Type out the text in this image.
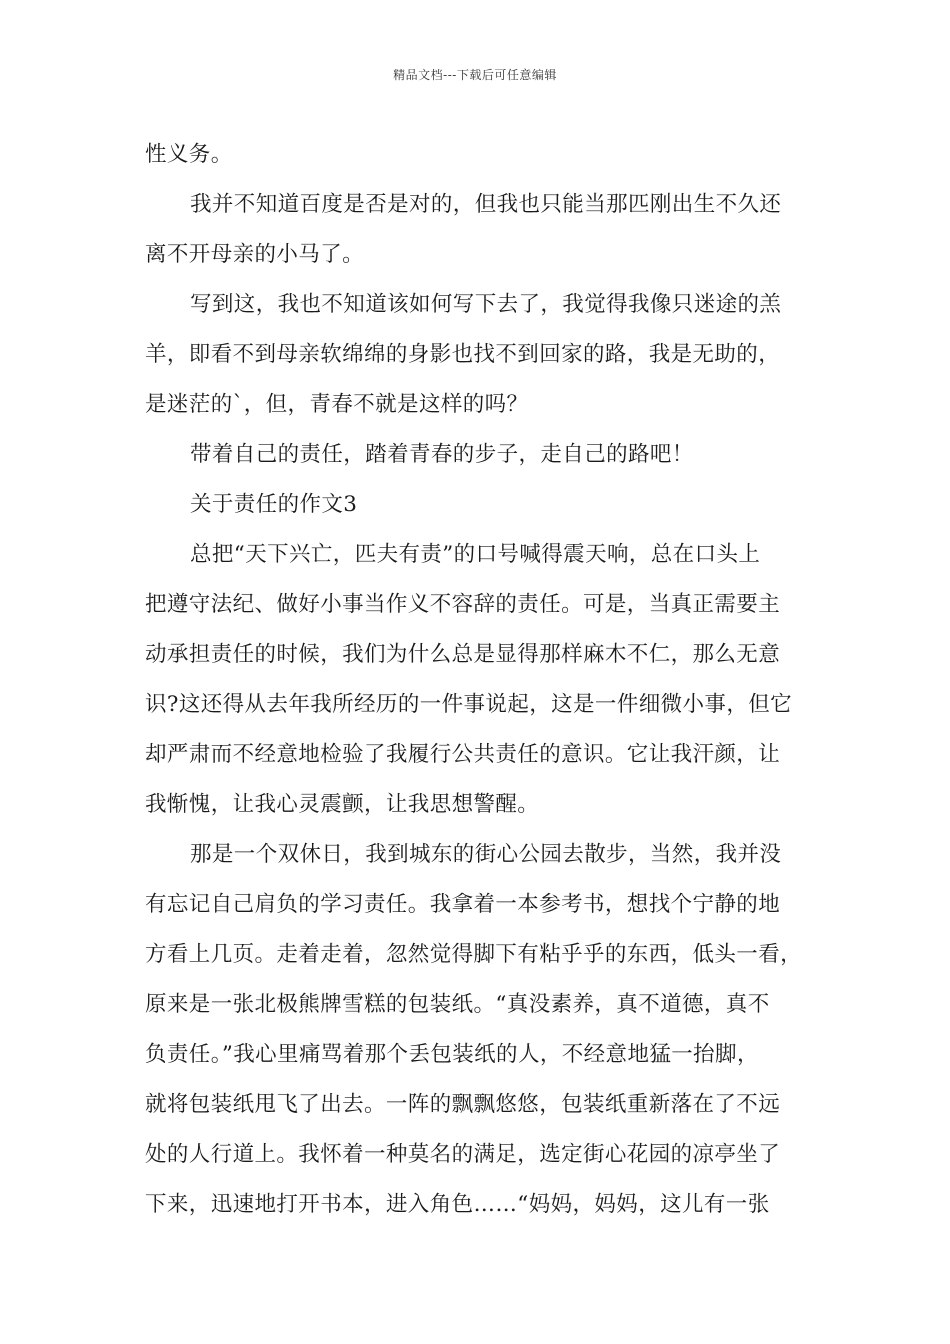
精品文档---下载后可任意编辑
性义务。
我并不知道百度是否是对的，但我也只能当那匹刚出生不久还
离不开母亲的小马了。
写到这，我也不知道该如何写下去了，我觉得我像只迷途的羔
羊，即看不到母亲软绵绵的身影也找不到回家的路，我是无助的，
是迷茫的`，但，青春不就是这样的吗？
带着自己的责任，踏着青春的步子，走自己的路吧！
关于责任的作文3
总把“天下兴亡，匹夫有责”的口号喊得震天响，总在口头上
把遵守法纪、做好小事当作义不容辞的责任。可是，当真正需要主
动承担责任的时候，我们为什么总是显得那样麻木不仁，那么无意
识?这还得从去年我所经历的一件事说起，这是一件细微小事，但它
却严肃而不经意地检验了我履行公共责任的意识。它让我汗颜，让
我惭愧，让我心灵震颤，让我思想警醒。
那是一个双休日，我到城东的街心公园去散步，当然，我并没
有忘记自己肩负的学习责任。我拿着一本参考书，想找个宁静的地
方看上几页。走着走着，忽然觉得脚下有粘乎乎的东西，低头一看，
原来是一张北极熊牌雪糕的包装纸。“真没素养，真不道德，真不
负责任。”我心里痛骂着那个丢包装纸的人，不经意地猛一抬脚，
就将包装纸甩飞了出去。一阵的飘飘悠悠，包装纸重新落在了不远
处的人行道上。我怀着一种莫名的满足，选定街心花园的凉亭坐了
下来，迅速地打开书本，进入角色……“妈妈，妈妈，这儿有一张
